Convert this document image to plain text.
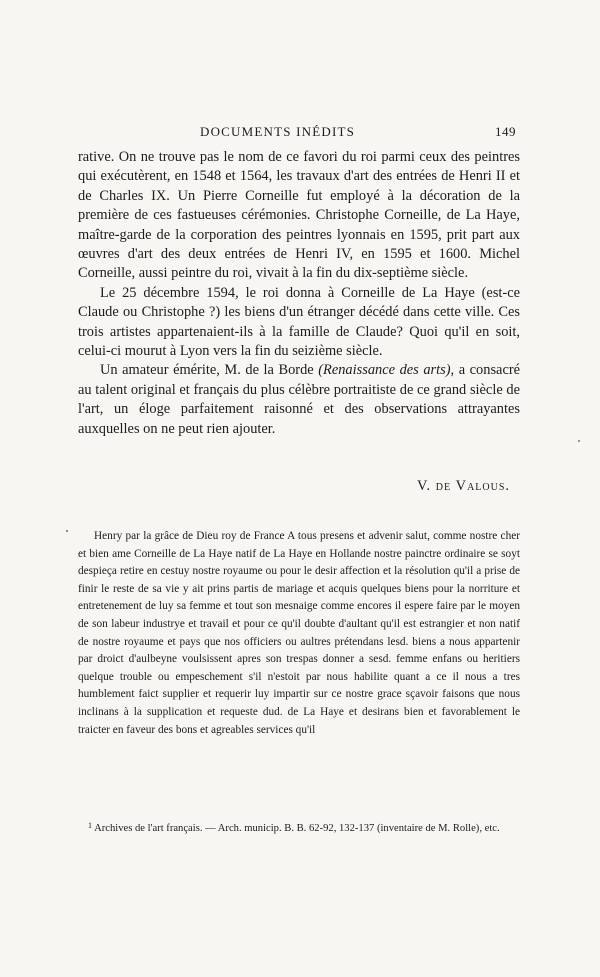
DOCUMENTS INÉDITS	149

rative. On ne trouve pas le nom de ce favori du roi parmi ceux des peintres qui exécutèrent, en 1548 et 1564, les travaux d'art des entrées de Henri II et de Charles IX. Un Pierre Corneille fut employé à la décoration de la première de ces fastueuses cérémonies. Christophe Corneille, de La Haye, maître-garde de la corporation des peintres lyonnais en 1595, prit part aux œuvres d'art des deux entrées de Henri IV, en 1595 et 1600. Michel Corneille, aussi peintre du roi, vivait à la fin du dix-septième siècle.

Le 25 décembre 1594, le roi donna à Corneille de La Haye (est-ce Claude ou Christophe ?) les biens d'un étranger décédé dans cette ville. Ces trois artistes appartenaient-ils à la famille de Claude? Quoi qu'il en soit, celui-ci mourut à Lyon vers la fin du seizième siècle.

Un amateur émérite, M. de la Borde (Renaissance des arts), a consacré au talent original et français du plus célèbre portraitiste de ce grand siècle de l'art, un éloge parfaitement raisonné et des observations attrayantes auxquelles on ne peut rien ajouter.

V. de Valous.

Henry par la grâce de Dieu roy de France A tous presens et advenir salut, comme nostre cher et bien ame Corneille de La Haye natif de La Haye en Hollande nostre painctre ordinaire se soyt despieça retire en cestuy nostre royaume ou pour le desir affection et la résolution qu'il a prise de finir le reste de sa vie y ait prins partis de mariage et acquis quelques biens pour la norriture et entretenement de luy sa femme et tout son mesnaige comme encores il espere faire par le moyen de son labeur industrye et travail et pour ce qu'il doubte d'aultant qu'il est estrangier et non natif de nostre royaume et pays que nos officiers ou aultres prétendans lesd. biens a nous appartenir par droict d'aulbeyne voulsissent apres son trespas donner a sesd. femme enfans ou heritiers quelque trouble ou empeschement s'il n'estoit par nous habilite quant a ce il nous a tres humblement faict supplier et requerir luy impartir sur ce nostre grace sçavoir faisons que nous inclinans à la supplication et requeste dud. de La Haye et desirans bien et favorablement le traicter en faveur des bons et agreables services qu'il

$^1$ Archives de l'art français. — Arch. municip. B. B. 62-92, 132-137 (inventaire de M. Rolle), etc.
